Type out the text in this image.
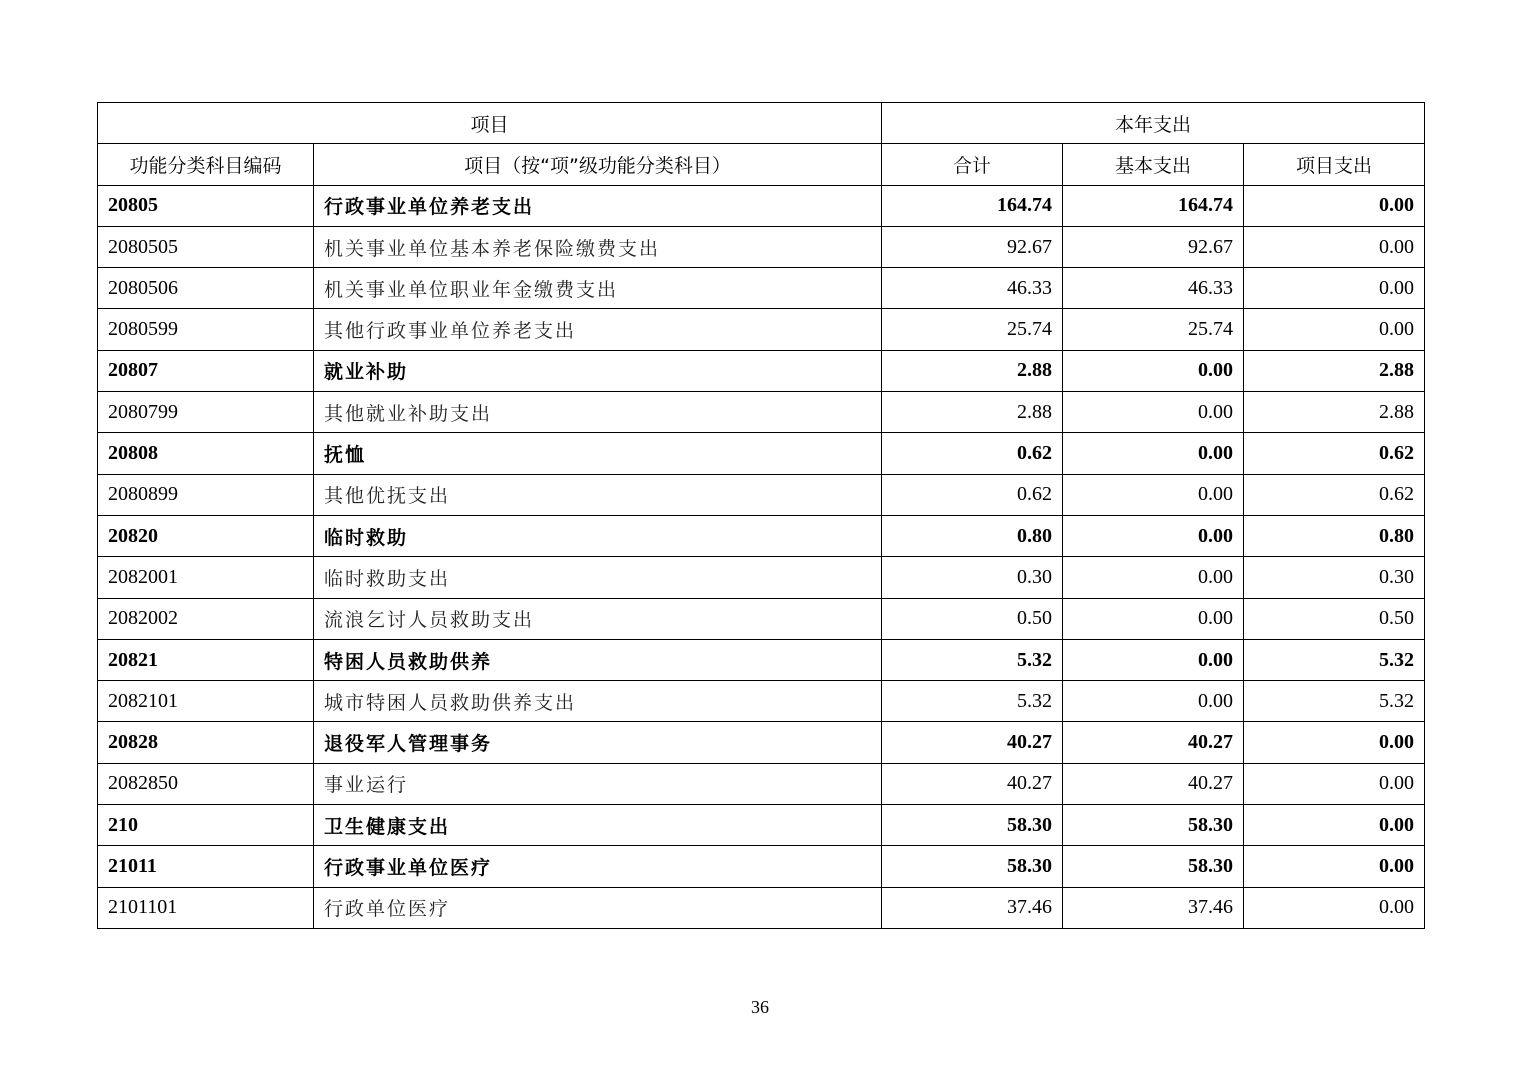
项目		本年支出		
功能分类科目编码	项目（按“项”级功能分类科目）	合计	基本支出	项目支出
20805	行政事业单位养老支出	164.74	164.74	0.00
2080505	机关事业单位基本养老保险缴费支出	92.67	92.67	0.00
2080506	机关事业单位职业年金缴费支出	46.33	46.33	0.00
2080599	其他行政事业单位养老支出	25.74	25.74	0.00
20807	就业补助	2.88	0.00	2.88
2080799	其他就业补助支出	2.88	0.00	2.88
20808	抚恤	0.62	0.00	0.62
2080899	其他优抚支出	0.62	0.00	0.62
20820	临时救助	0.80	0.00	0.80
2082001	临时救助支出	0.30	0.00	0.30
2082002	流浪乞讨人员救助支出	0.50	0.00	0.50
20821	特困人员救助供养	5.32	0.00	5.32
2082101	城市特困人员救助供养支出	5.32	0.00	5.32
20828	退役军人管理事务	40.27	40.27	0.00
2082850	事业运行	40.27	40.27	0.00
210	卫生健康支出	58.30	58.30	0.00
21011	行政事业单位医疗	58.30	58.30	0.00
2101101	行政单位医疗	37.46	37.46	0.00
36
